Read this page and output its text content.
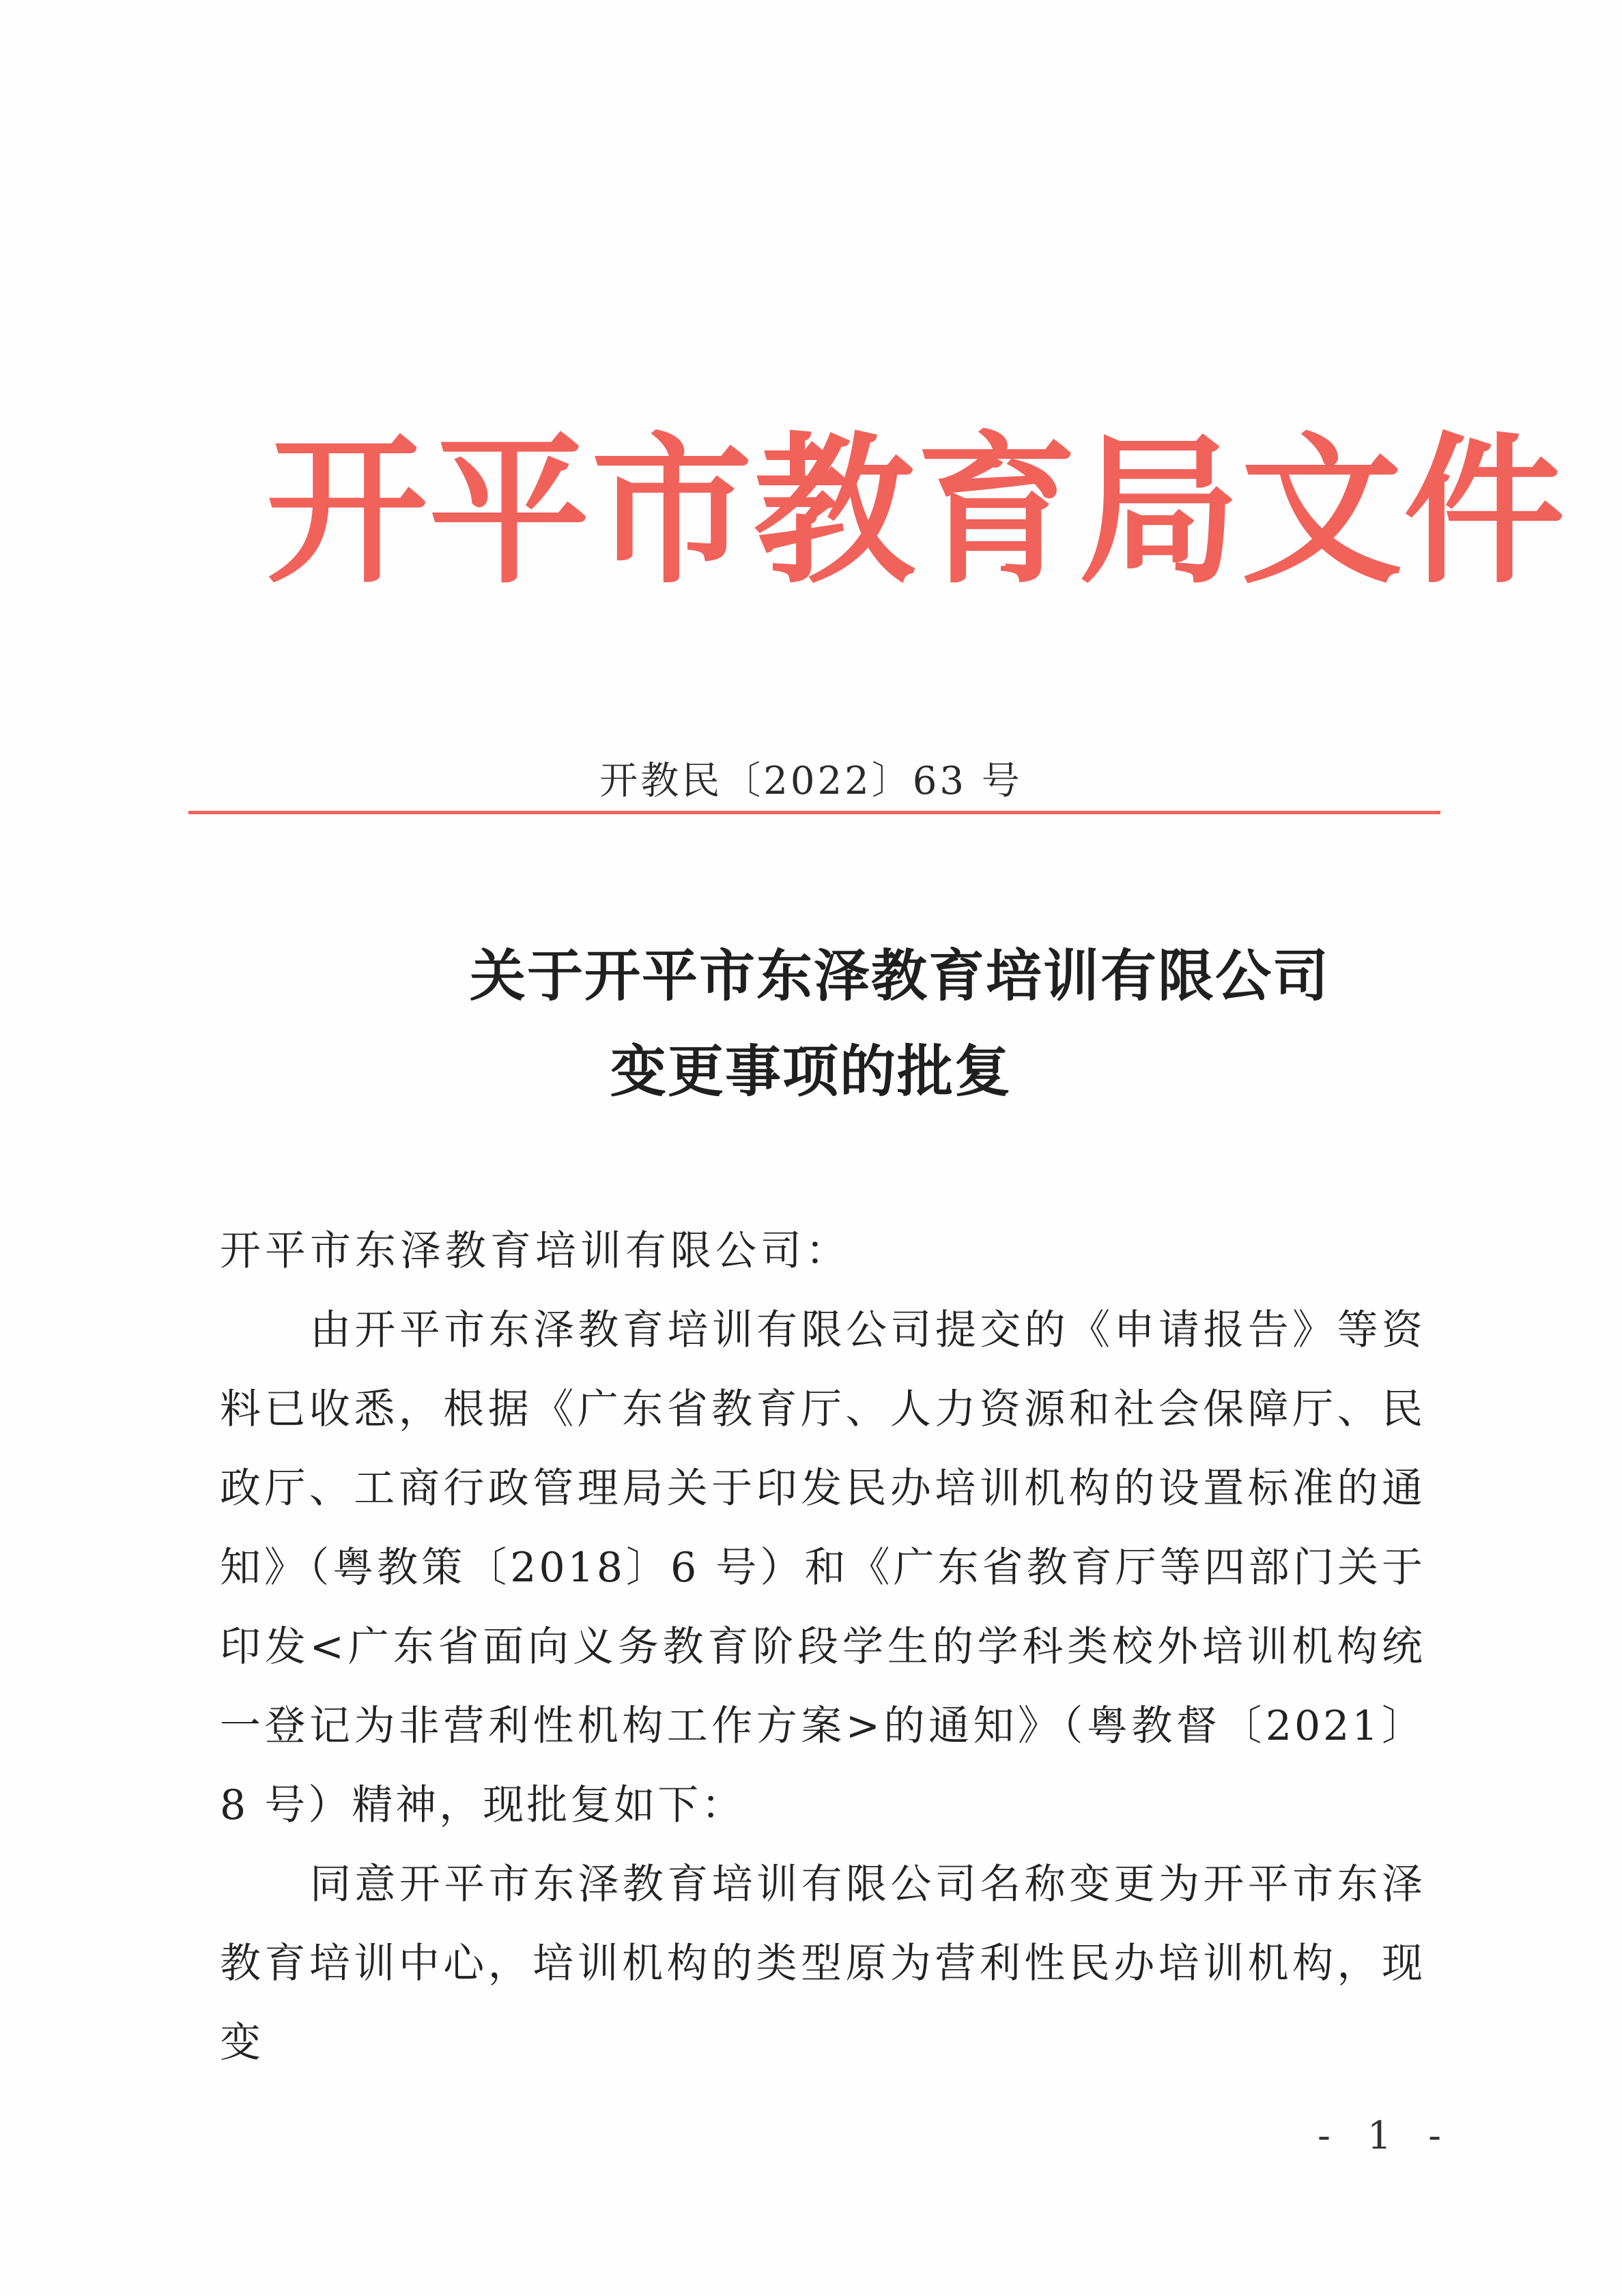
开平市教育局文件
开教民〔2022〕63 号
关于开平市东泽教育培训有限公司
变更事项的批复

开平市东泽教育培训有限公司：

由开平市东泽教育培训有限公司提交的《申请报告》等资料已收悉，根据《广东省教育厅、人力资源和社会保障厅、民政厅、工商行政管理局关于印发民办培训机构的设置标准的通知》（粤教策〔2018〕6 号）和《广东省教育厅等四部门关于印发<广东省面向义务教育阶段学生的学科类校外培训机构统一登记为非营利性机构工作方案>的通知》（粤教督〔2021〕8 号）精神，现批复如下：

同意开平市东泽教育培训有限公司名称变更为开平市东泽教育培训中心，培训机构的类型原为营利性民办培训机构，现变

- 1 -
